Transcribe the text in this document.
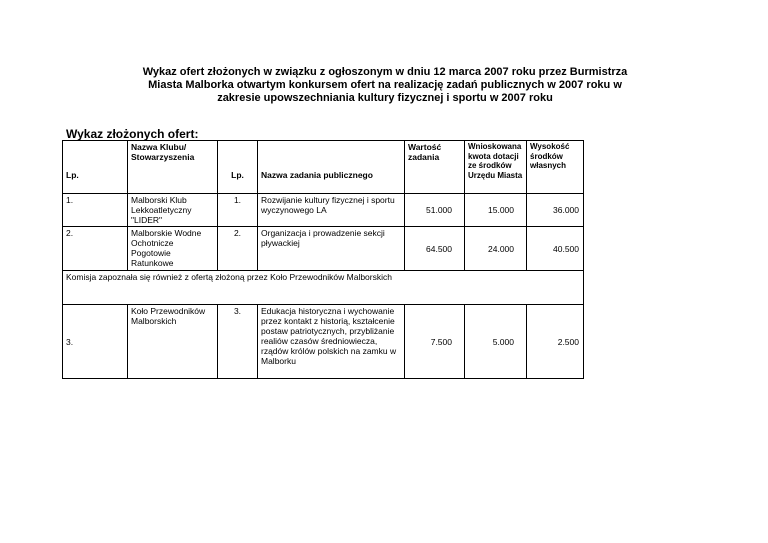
Wykaz ofert złożonych w związku z ogłoszonym w dniu 12 marca 2007 roku przez Burmistrza
Miasta Malborka otwartym konkursem ofert na realizację zadań publicznych w 2007 roku w
zakresie upowszechniania kultury fizycznej i sportu w 2007 roku
Wykaz złożonych ofert:
Lp.	Nazwa Klubu/ Stowarzyszenia	Lp.	Nazwa zadania publicznego	Wartość zadania	Wnioskowana kwota dotacji ze środków Urzędu Miasta	Wysokość środków własnych
1.	Malborski Klub Lekkoatletyczny "LIDER"	1.	Rozwijanie kultury fizycznej i sportu wyczynowego LA	51.000	15.000	36.000
2.	Malborskie Wodne Ochotnicze Pogotowie Ratunkowe	2.	Organizacja i prowadzenie sekcji pływackiej	64.500	24.000	40.500
Komisja zapoznała się również z ofertą złożoną przez Koło Przewodników Malborskich						
3.	Koło Przewodników Malborskich	3.	Edukacja historyczna i wychowanie przez kontakt z historią, kształcenie postaw patriotycznych, przybliżanie realiów czasów średniowiecza, rządów królów polskich na zamku w Malborku	7.500	5.000	2.500
